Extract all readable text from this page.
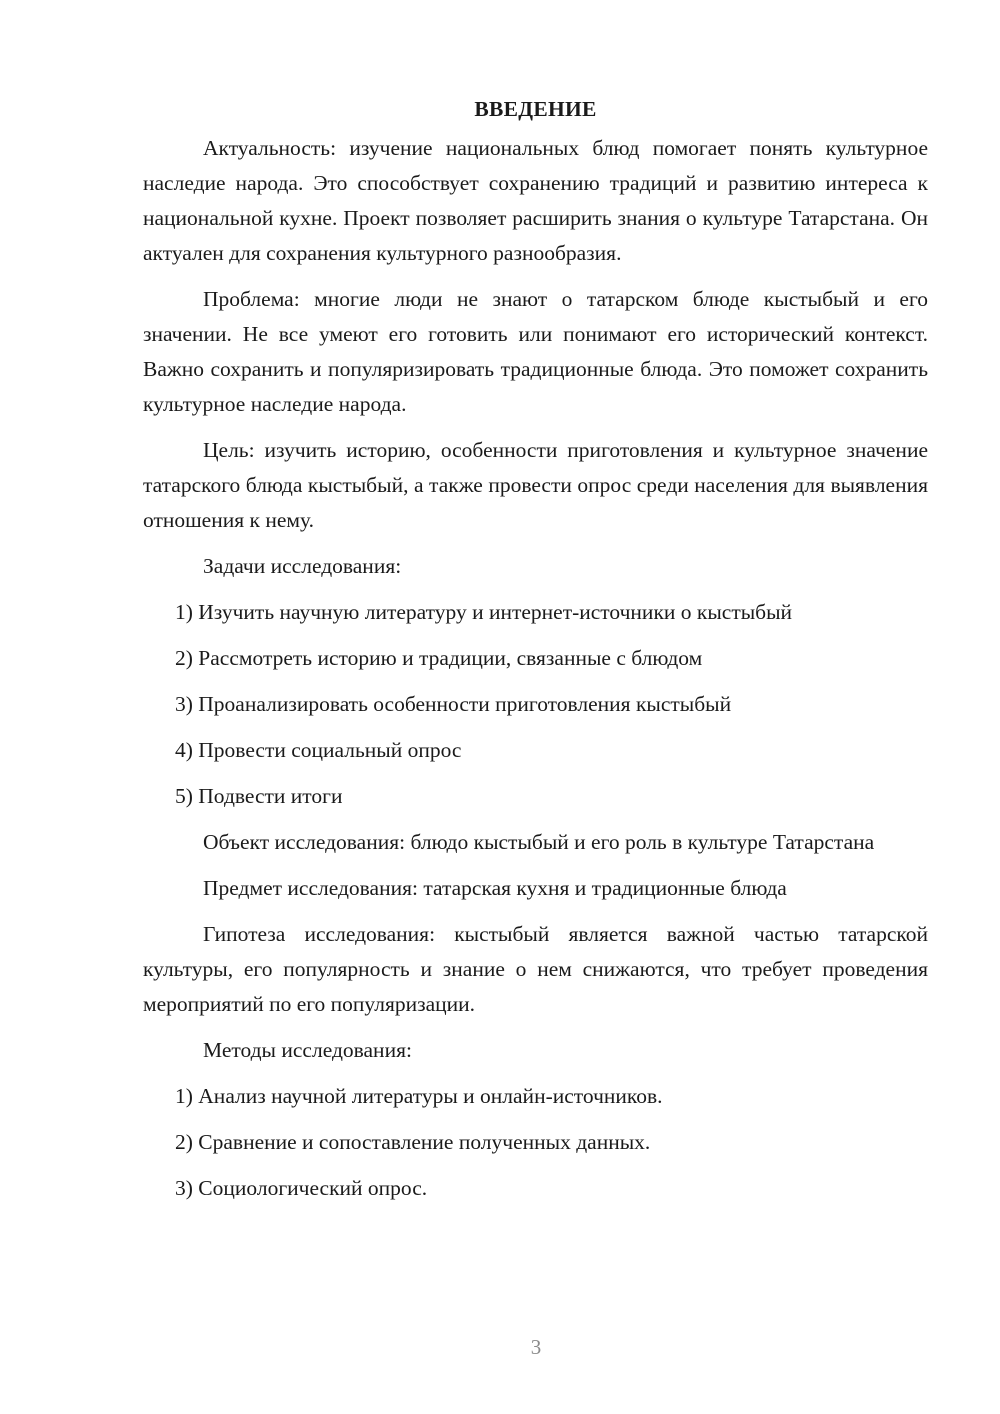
ВВЕДЕНИЕ

Актуальность: изучение национальных блюд помогает понять культурное наследие народа. Это способствует сохранению традиций и развитию интереса к национальной кухне. Проект позволяет расширить знания о культуре Татарстана. Он актуален для сохранения культурного разнообразия.

Проблема: многие люди не знают о татарском блюде кыстыбый и его значении. Не все умеют его готовить или понимают его исторический контекст. Важно сохранить и популяризировать традиционные блюда. Это поможет сохранить культурное наследие народа.

Цель: изучить историю, особенности приготовления и культурное значение татарского блюда кыстыбый, а также провести опрос среди населения для выявления отношения к нему.

Задачи исследования:
1) Изучить научную литературу и интернет-источники о кыстыбый
2) Рассмотреть историю и традиции, связанные с блюдом
3) Проанализировать особенности приготовления кыстыбый
4) Провести социальный опрос
5) Подвести итоги

Объект исследования: блюдо кыстыбый и его роль в культуре Татарстана

Предмет исследования: татарская кухня и традиционные блюда

Гипотеза исследования: кыстыбый является важной частью татарской культуры, его популярность и знание о нем снижаются, что требует проведения мероприятий по его популяризации.

Методы исследования:
1) Анализ научной литературы и онлайн-источников.
2) Сравнение и сопоставление полученных данных.
3) Социологический опрос.
3
